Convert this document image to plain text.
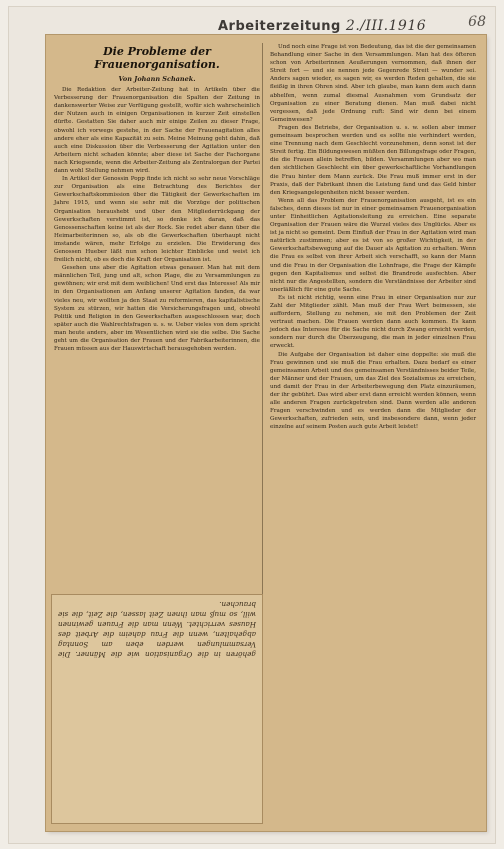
Arbeiterzeitung 2./III.1916	68
Die Probleme der Frauenorganisation.
Von Johann Schanek.

Die Redaktion der Arbeiter-Zeitung hat in Artikeln über die Verbesserung der Frauenorganisation die Spalten der Zeitung in dankenswerter Weise zur Verfügung gestellt, wofür sich wahrscheinlich der Nutzen auch in einigen Organisationen in kurzer Zeit einstellen dürfte. Gestatten Sie daher auch mir einige Zeilen zu dieser Frage, obwohl ich vorwegs gestehe, in der Sache der Frauenagitation alles andere eher als eine Kapazität zu sein. Meine Meinung geht dahin, daß auch eine Diskussion über die Verbesserung der Agitation unter den Arbeitern nicht schaden könnte; aber diese ist Sache der Fachorgane nach Kriegsende, wenn die Arbeiter-Zeitung als Zentralorgan der Partei dann wohl Stellung nehmen wird.

In Artikel der Genossin Popp finde ich nicht so sehr neue Vorschläge zur Organisation als eine Betrachtung des Berichtes der Gewerkschaftskommission über die Tätigkeit der Gewerkschaften im Jahre 1915, und wenn sie sehr mit die Vorzüge der politischen Organisation heraushebt und über den Mitgliederrückgang der Gewerkschaften verstimmt ist, so denke ich daran, daß das Genossenschaften keine ist als der Rock. Sie redet aber dann über die Heimarbeiterinnen so, als ob die Gewerkschaften überhaupt nicht imstande wären, mehr Erfolge zu erzielen. Die Erwiderung des Genossen Hueber läßt nun schon leichter Einblicke und weist ich freilich nicht, ob es doch die Kraft der Organisation ist.

Gesehen uns aber die Agitation etwas genauer. Man hat mit dem männlichen Teil, jung und alt, schon Plage, die zu Versammlungen zu gewöhnen; wir erst mit dem weiblichen! Und erst das Interesse! Als mir in den Organisationen am Anfang unserer Agitation fanden, da war vieles neu, wir wollten ja den Staat zu reformieren, das kapitalistische System zu stürzen, wir hatten die Versicherungsfragen und, obwohl Politik und Religion in den Gewerkschaften ausgeschlossen war, doch später auch die Wahlrechtsfragen u. s. w. Ueber vieles von dem spricht man heute anders, aber im Wesentlichen wird sie die selbe. Die Sache geht um die Organisation der Frauen und der Fabrikarbeiterinnen, die Frauen müssen aus der Hauswirtschaft herausgehoben werden.

Und noch eine Frage ist von Bedeutung, das ist die der gemeinsamen Behandlung einer Sache in den Versammlungen. Man hat des öfteren schon von Arbeiterinnen Aeußerungen vernommen, daß ihnen der Streit fort — und sie nennen jede Gegenrede Streit — wunder sei. Anders sagen wieder, es sagen wir, es werden Reden gehalten, die sie fleißig in ihren Ohren sind. Aber ich glaube, man kann dem auch dann abhelfen, wenn zumal diesmal Ausnahmen vom Grundsatz der Organisation zu einer Beratung dienen. Man muß dabei nicht vergessen, daß jede Ordnung ruft: Sind wir denn bei einem Gemeinwesen?

Fragen des Betriebs, der Organisation u. s. w. sollen aber immer gemeinsam besprochen werden und es sollte nie verhindert werden, eine Trennung nach dem Geschlecht vorzunehmen, denn sonst ist der Streit fertig. Ein Bildungswesen müßten den Billungsfrage oder Fragen, die die Frauen allein betreffen, bilden. Versammlungen aber wo man den sichtlichen Geschlecht ein über gewerkschaftliche Vorhandlungen die Frau hinter dem Mann zurück. Die Frau muß immer erst in der Praxis, daß der Fabrikant ihnen die Leistung fand und das Geld hinter den Kriegsangelegenheiten nicht besser werden.

Wenn all das Problem der Frauenorganisation ausgeht, ist es ein falsches, denn dieses ist nur in einer gemeinsamen Frauenorganisation unter Einheitlichen Agitationsleitung zu erreichen. Eine separate Organisation der Frauen wäre die Wurzel vieles des Unglücks. Aber es ist ja nicht so gemeint. Dem Einfluß der Frau in der Agitation wird man natürlich zustimmen; aber es ist von so großer Wichtigkeit, in der Gewerkschaftsbewegung auf die Dauer als Agitation zu erhalten. Wenn die Frau es selbst von ihrer Arbeit sich verschafft, so kann der Mann und die Frau in der Organisation die Lohnfrage, die Frage der Kämpfe gegen den Kapitalismus und selbst die Brandrede ausfechten. Aber nicht nur die Angestellten, sondern die Verständnisse der Arbeiter sind unerläßlich für eine gute Sache.

Es ist nicht richtig, wenn eine Frau in einer Organisation nur zur Zahl der Mitglieder zählt. Man muß der Frau Wert beimessen, sie auffordern, Stellung zu nehmen, sie mit den Problemen der Zeit vertraut machen. Die Frauen werden dann auch kommen. Es kann jedoch das Interesse für die Sache nicht durch Zwang erreicht werden, sondern nur durch die Überzeugung, die man in jeder einzelnen Frau erweckt.

Die Aufgabe der Organisation ist daher eine doppelte: sie muß die Frau gewinnen und sie muß die Frau erhalten. Dazu bedarf es einer gemeinsamen Arbeit und des gemeinsamen Verständnisses beider Teile, der Männer und der Frauen, um das Ziel des Sozialismus zu erreichen, und damit der Frau in der Arbeiterbewegung den Platz einzuräumen, der ihr gebührt. Das wird aber erst dann erreicht werden können, wenn alle anderen Fragen zurückgetreten sind. Dann werden alle anderen Fragen verschwinden und es werden dann die Mitglieder der Gewerkschaften, zufrieden sein, und insbesondere dann, wenn jeder einzelne auf seinem Posten auch gute Arbeit leistet!

gehören in die Organisation wie die Männer. Die Versammlungen werden eben am Sonntag abgehalten, wenn die Frau daheim die Arbeit des Hauses verrichtet. Wenn man die Frauen gewinnen will, so muß man ihnen Zeit lassen, die Zeit, die sie brauchen.
